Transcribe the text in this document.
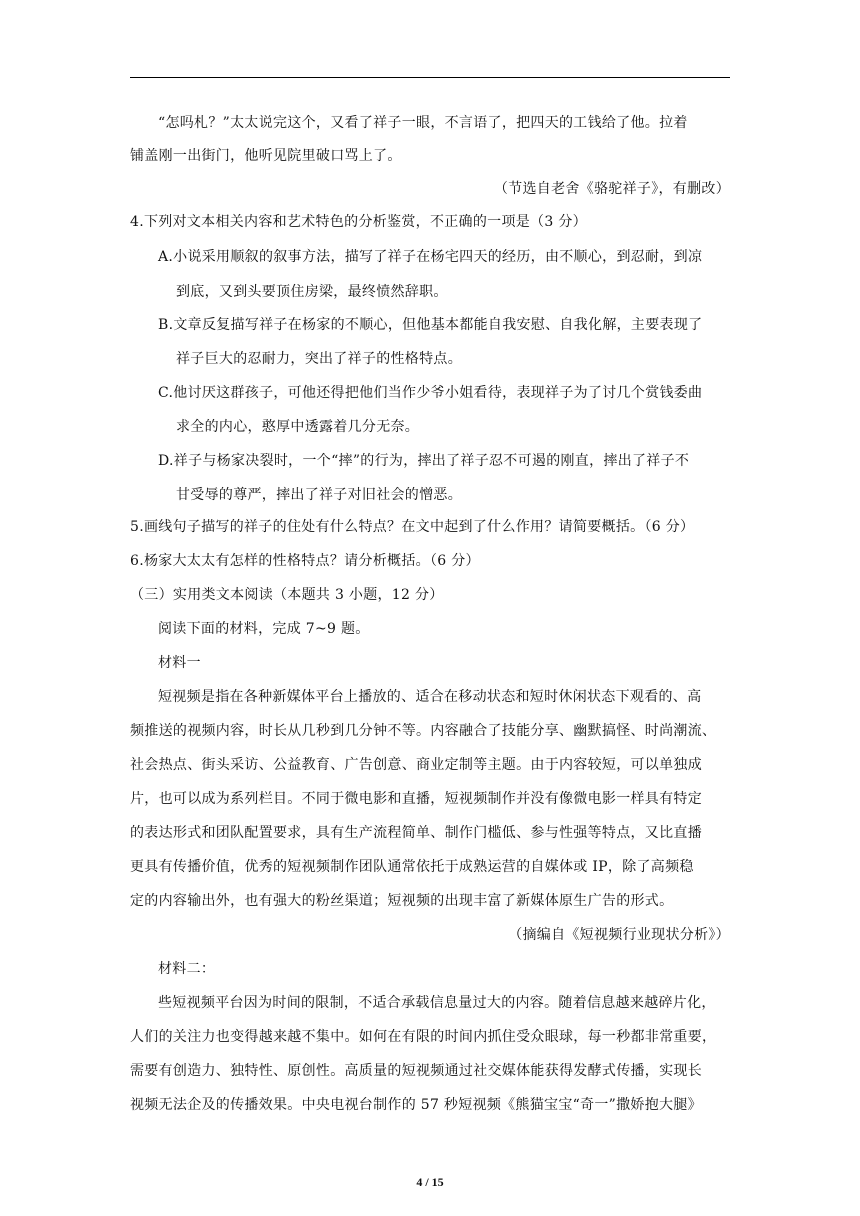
“怎吗札？”太太说完这个，又看了祥子一眼，不言语了，把四天的工钱给了他。拉着
铺盖刚一出街门，他听见院里破口骂上了。
（节选自老舍《骆驼祥子》，有删改）
4.下列对文本相关内容和艺术特色的分析鉴赏，不正确的一项是（3 分）
A.小说采用顺叙的叙事方法，描写了祥子在杨宅四天的经历，由不顺心，到忍耐，到凉
到底，又到头要顶住房梁，最终愤然辞职。
B.文章反复描写祥子在杨家的不顺心，但他基本都能自我安慰、自我化解，主要表现了
祥子巨大的忍耐力，突出了祥子的性格特点。
C.他讨厌这群孩子，可他还得把他们当作少爷小姐看待，表现祥子为了讨几个赏钱委曲
求全的内心，憨厚中透露着几分无奈。
D.祥子与杨家决裂时，一个“摔”的行为，摔出了祥子忍不可遏的刚直，摔出了祥子不
甘受辱的尊严，摔出了祥子对旧社会的憎恶。
5.画线句子描写的祥子的住处有什么特点？在文中起到了什么作用？请简要概括。（6 分）
6.杨家大太太有怎样的性格特点？请分析概括。（6 分）
（三）实用类文本阅读（本题共 3 小题，12 分）
阅读下面的材料，完成 7~9 题。
材料一
短视频是指在各种新媒体平台上播放的、适合在移动状态和短时休闲状态下观看的、高
频推送的视频内容，时长从几秒到几分钟不等。内容融合了技能分享、幽默搞怪、时尚潮流、
社会热点、街头采访、公益教育、广告创意、商业定制等主题。由于内容较短，可以单独成
片，也可以成为系列栏目。不同于微电影和直播，短视频制作并没有像微电影一样具有特定
的表达形式和团队配置要求，具有生产流程简单、制作门槛低、参与性强等特点，又比直播
更具有传播价值，优秀的短视频制作团队通常依托于成熟运营的自媒体或 IP，除了高频稳
定的内容输出外，也有强大的粉丝渠道；短视频的出现丰富了新媒体原生广告的形式。
（摘编自《短视频行业现状分析》）
材料二：
些短视频平台因为时间的限制，不适合承载信息量过大的内容。随着信息越来越碎片化，
人们的关注力也变得越来越不集中。如何在有限的时间内抓住受众眼球，每一秒都非常重要，
需要有创造力、独特性、原创性。高质量的短视频通过社交媒体能获得发酵式传播，实现长
视频无法企及的传播效果。中央电视台制作的 57 秒短视频《熊猫宝宝“奇一”撒娇抱大腿》
4 / 15
